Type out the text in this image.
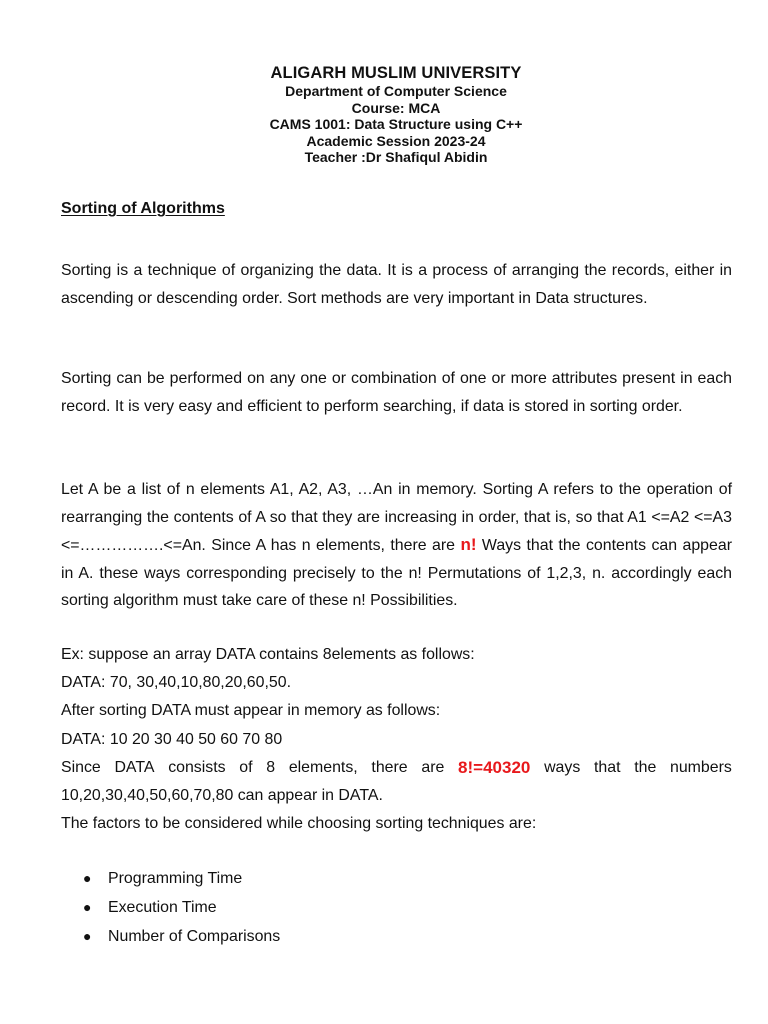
ALIGARH MUSLIM UNIVERSITY
Department of Computer Science
Course: MCA
CAMS 1001: Data Structure using C++
Academic Session 2023-24
Teacher :Dr Shafiqul Abidin
Sorting of Algorithms
Sorting is a technique of organizing the data. It is a process of arranging the records, either in ascending or descending order. Sort methods are very important in Data structures.
Sorting can be performed on any one or combination of one or more attributes present in each record. It is very easy and efficient to perform searching, if data is stored in sorting order.
Let A be a list of n elements A1, A2, A3, …An in memory. Sorting A refers to the operation of rearranging the contents of A so that they are increasing in order, that is, so that A1 <=A2 <=A3 <=…………….<=An. Since A has n elements, there are n! Ways that the contents can appear in A. these ways corresponding precisely to the n! Permutations of 1,2,3, n. accordingly each sorting algorithm must take care of these n! Possibilities.
Ex: suppose an array DATA contains 8elements as follows:
DATA: 70, 30,40,10,80,20,60,50.
After sorting DATA must appear in memory as follows:
DATA: 10 20 30 40 50 60 70 80
Since DATA consists of 8 elements, there are 8!=40320 ways that the numbers
10,20,30,40,50,60,70,80 can appear in DATA.
The factors to be considered while choosing sorting techniques are:
● Programming Time
● Execution Time
● Number of Comparisons
